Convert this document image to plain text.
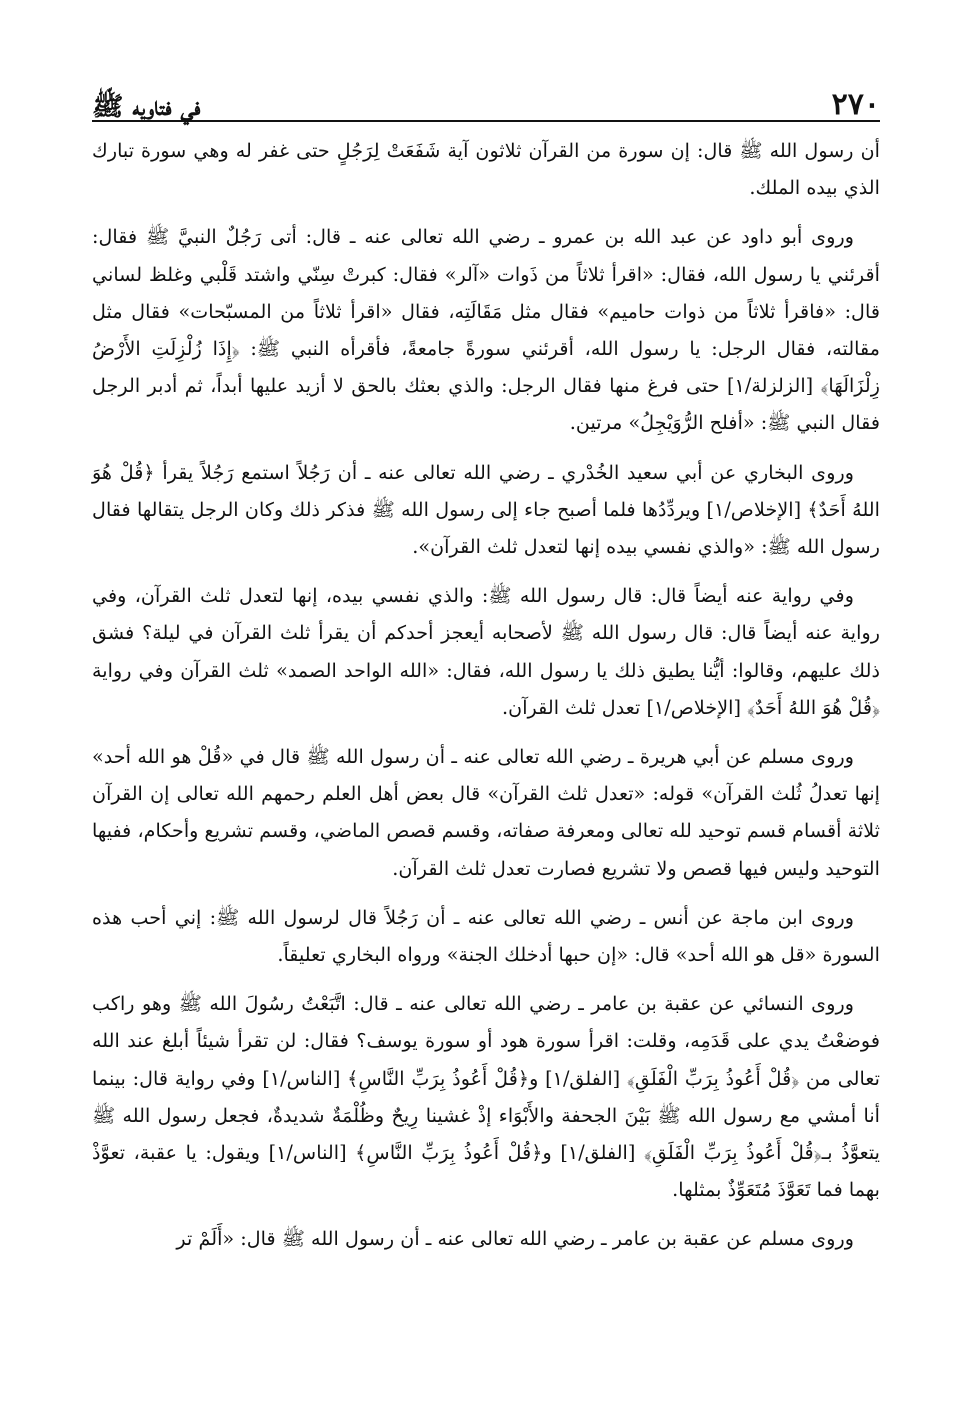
٢٧٠
في فتاويه ﷺ

أن رسول الله ﷺ قال: إن سورة من القرآن ثلاثون آية شَفَعَتْ لِرَجُلٍ حتى غفر له وهي سورة تبارك الذي بيده الملك.

وروى أبو داود عن عبد الله بن عمرو ـ رضي الله تعالى عنه ـ قال: أتى رَجُلٌ النبيَّ ﷺ فقال: أقرئني يا رسول الله، فقال: «اقرأ ثلاثاً من ذَوات «آلر» فقال: كبرتْ سِنّي واشتد قَلْبي وغلظ لساني قال: «فاقرأ ثلاثاً من ذوات حاميم» فقال مثل مَقَالَتِه، فقال «اقرأ ثلاثاً من المسبّحات» فقال مثل مقالته، فقال الرجل: يا رسول الله، أقرئني سورةً جامعةً، فأقرأه النبي ﷺ: ﴿إِذَا زُلْزِلَتِ الأَرْضُ زِلْزَالَهَا﴾ [الزلزلة/١] حتى فرغ منها فقال الرجل: والذي بعثك بالحق لا أزيد عليها أبداً، ثم أدبر الرجل فقال النبي ﷺ: «أفلح الرُّوَيْجِلُ» مرتين.

وروى البخاري عن أبي سعيد الخُدْري ـ رضي الله تعالى عنه ـ أن رَجُلاً استمع رَجُلاً يقرأ ﴿قُلْ هُوَ اللهُ أَحَدٌ﴾ [الإخلاص/١] ويردِّدُها فلما أصبح جاء إلى رسول الله ﷺ فذكر ذلك وكان الرجل يتقالها فقال رسول الله ﷺ: «والذي نفسي بيده إنها لتعدل ثلث القرآن».

وفي رواية عنه أيضاً قال: قال رسول الله ﷺ: والذي نفسي بيده، إنها لتعدل ثلث القرآن، وفي رواية عنه أيضاً قال: قال رسول الله ﷺ لأصحابه أيعجز أحدكم أن يقرأ ثلث القرآن في ليلة؟ فشق ذلك عليهم، وقالوا: أيُّنا يطيق ذلك يا رسول الله، فقال: «الله الواحد الصمد» ثلث القرآن وفي رواية ﴿قُلْ هُوَ اللهُ أَحَدٌ﴾ [الإخلاص/١] تعدل ثلث القرآن.

وروى مسلم عن أبي هريرة ـ رضي الله تعالى عنه ـ أن رسول الله ﷺ قال في «قُلْ هو الله أحد» إنها تعدلُ ثُلث القرآن» قوله: «تعدل ثلث القرآن» قال بعض أهل العلم رحمهم الله تعالى إن القرآن ثلاثة أقسام قسم توحيد لله تعالى ومعرفة صفاته، وقسم قصص الماضي، وقسم تشريع وأحكام، ففيها التوحيد وليس فيها قصص ولا تشريع فصارت تعدل ثلث القرآن.

وروى ابن ماجة عن أنس ـ رضي الله تعالى عنه ـ أن رَجُلاً قال لرسول الله ﷺ: إني أحب هذه السورة «قل هو الله أحد» قال: «إن حبها أدخلك الجنة» ورواه البخاري تعليقاً.

وروى النسائي عن عقبة بن عامر ـ رضي الله تعالى عنه ـ قال: اتَّبَعْتُ رسُولَ الله ﷺ وهو راكب فوضعْتُ يدي على قَدَمِه، وقلت: اقرأ سورة هود أو سورة يوسف؟ فقال: لن تقرأ شيئاً أبلغ عند الله تعالى من ﴿قُلْ أَعُوذُ بِرَبِّ الْفَلَقِ﴾ [الفلق/١] و﴿قُلْ أَعُوذُ بِرَبِّ النَّاسِ﴾ [الناس/١] وفي رواية قال: بينما أنا أمشي مع رسول الله ﷺ بَيْنَ الجحفة والأَبْوَاء إذْ غشينا رِيحٌ وظُلْمَةٌ شديدةٌ، فجعل رسول الله ﷺ يتعوَّذُ بـ﴿قُلْ أَعُوذُ بِرَبِّ الْفَلَقِ﴾ [الفلق/١] و﴿قُلْ أَعُوذُ بِرَبِّ النَّاسِ﴾ [الناس/١] ويقول: يا عقبة، تعوَّذْ بهما فما تَعَوَّذَ مُتَعَوِّذٌ بمثلها.

وروى مسلم عن عقبة بن عامر ـ رضي الله تعالى عنه ـ أن رسول الله ﷺ قال: «أَلَمْ تر
